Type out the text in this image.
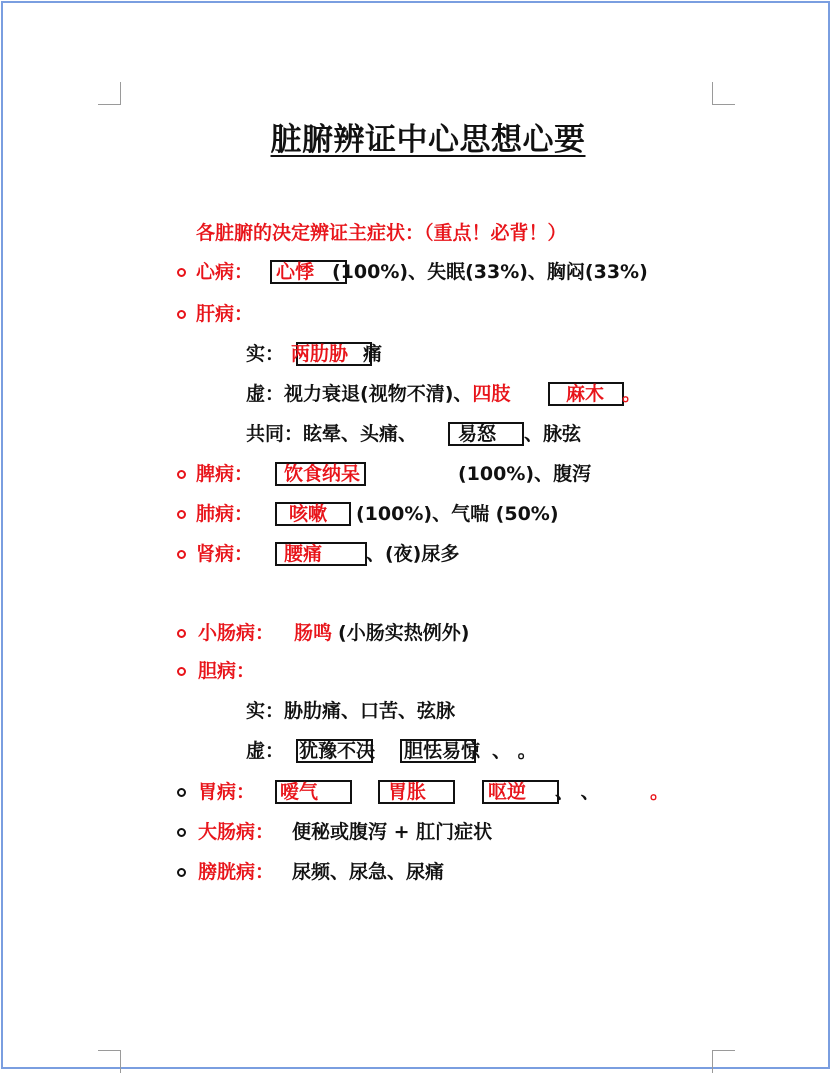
脏腑辨证中心思想心要
各脏腑的决定辨证主症状：（重点！必背！）
心病： 心悸 (100%)、失眠(33%)、胸闷(33%)
肝病：
实： 两肋胁 痛
虚：视力衰退(视物不清)、四肢	麻木 。
共同：眩晕、头痛、 易怒 、脉弦
脾病： 饮食纳呆	(100%)、腹泻
肺病： 咳嗽 (100%)、气喘 (50%)
肾病： 腰痛 、(夜)尿多
小肠病： 肠鸣 (小肠实热例外)
胆病：
实：胁肋痛、口苦、弦脉
虚： 犹豫不决 胆怯易惊 、 。
胃病： 嗳气	胃胀	呕逆 、 、	。
大肠病： 便秘或腹泻 + 肛门症状
膀胱病： 尿频、尿急、尿痛
